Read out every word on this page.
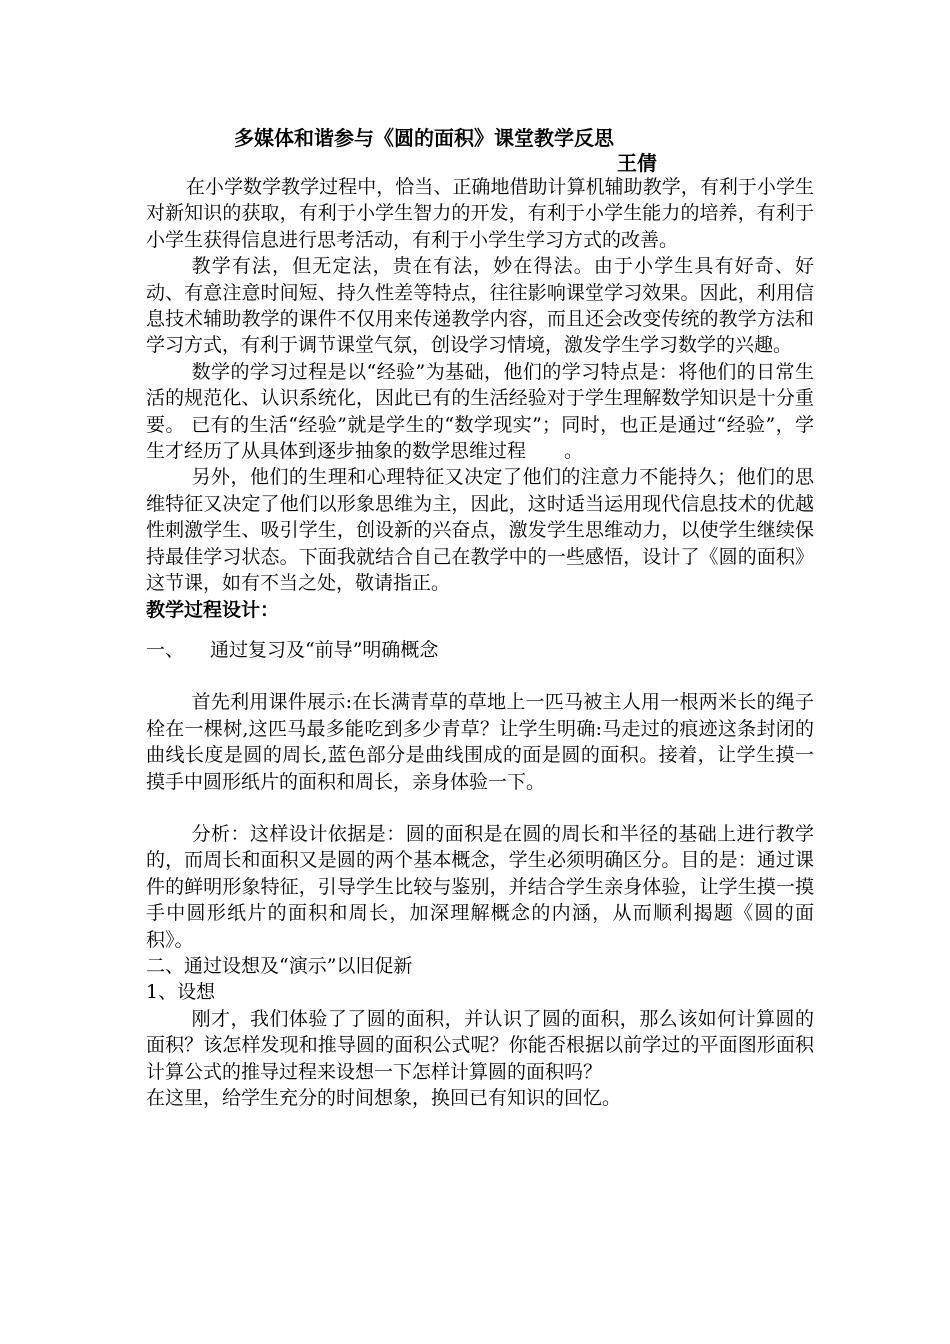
多媒体和谐参与《圆的面积》课堂教学反思
王倩

在小学数学教学过程中，恰当、正确地借助计算机辅助教学，有利于小学生对新知识的获取，有利于小学生智力的开发，有利于小学生能力的培养，有利于小学生获得信息进行思考活动，有利于小学生学习方式的改善。

教学有法，但无定法，贵在有法，妙在得法。由于小学生具有好奇、好动、有意注意时间短、持久性差等特点，往往影响课堂学习效果。因此，利用信息技术辅助教学的课件不仅用来传递教学内容，而且还会改变传统的教学方法和学习方式，有利于调节课堂气氛，创设学习情境，激发学生学习数学的兴趣。

数学的学习过程是以“经验”为基础，他们的学习特点是：将他们的日常生活的规范化、认识系统化，因此已有的生活经验对于学生理解数学知识是十分重要。 已有的生活“经验”就是学生的“数学现实”；同时，也正是通过“经验”，学生才经历了从具体到逐步抽象的数学思维过程　　。

另外，他们的生理和心理特征又决定了他们的注意力不能持久；他们的思维特征又决定了他们以形象思维为主，因此，这时适当运用现代信息技术的优越性刺激学生、吸引学生，创设新的兴奋点，激发学生思维动力，以使学生继续保持最佳学习状态。下面我就结合自己在教学中的一些感悟，设计了《圆的面积》这节课，如有不当之处，敬请指正。

教学过程设计：

一、 通过复习及“前导”明确概念

首先利用课件展示:在长满青草的草地上一匹马被主人用一根两米长的绳子栓在一棵树,这匹马最多能吃到多少青草？让学生明确:马走过的痕迹这条封闭的曲线长度是圆的周长,蓝色部分是曲线围成的面是圆的面积。接着，让学生摸一摸手中圆形纸片的面积和周长，亲身体验一下。

分析：这样设计依据是：圆的面积是在圆的周长和半径的基础上进行教学的，而周长和面积又是圆的两个基本概念，学生必须明确区分。目的是：通过课件的鲜明形象特征，引导学生比较与鉴别，并结合学生亲身体验，让学生摸一摸手中圆形纸片的面积和周长，加深理解概念的内涵，从而顺利揭题《圆的面积》。

二、通过设想及“演示”以旧促新

1、设想

刚才，我们体验了了圆的面积，并认识了圆的面积，那么该如何计算圆的面积？该怎样发现和推导圆的面积公式呢？你能否根据以前学过的平面图形面积计算公式的推导过程来设想一下怎样计算圆的面积吗？

在这里，给学生充分的时间想象，换回已有知识的回忆。
